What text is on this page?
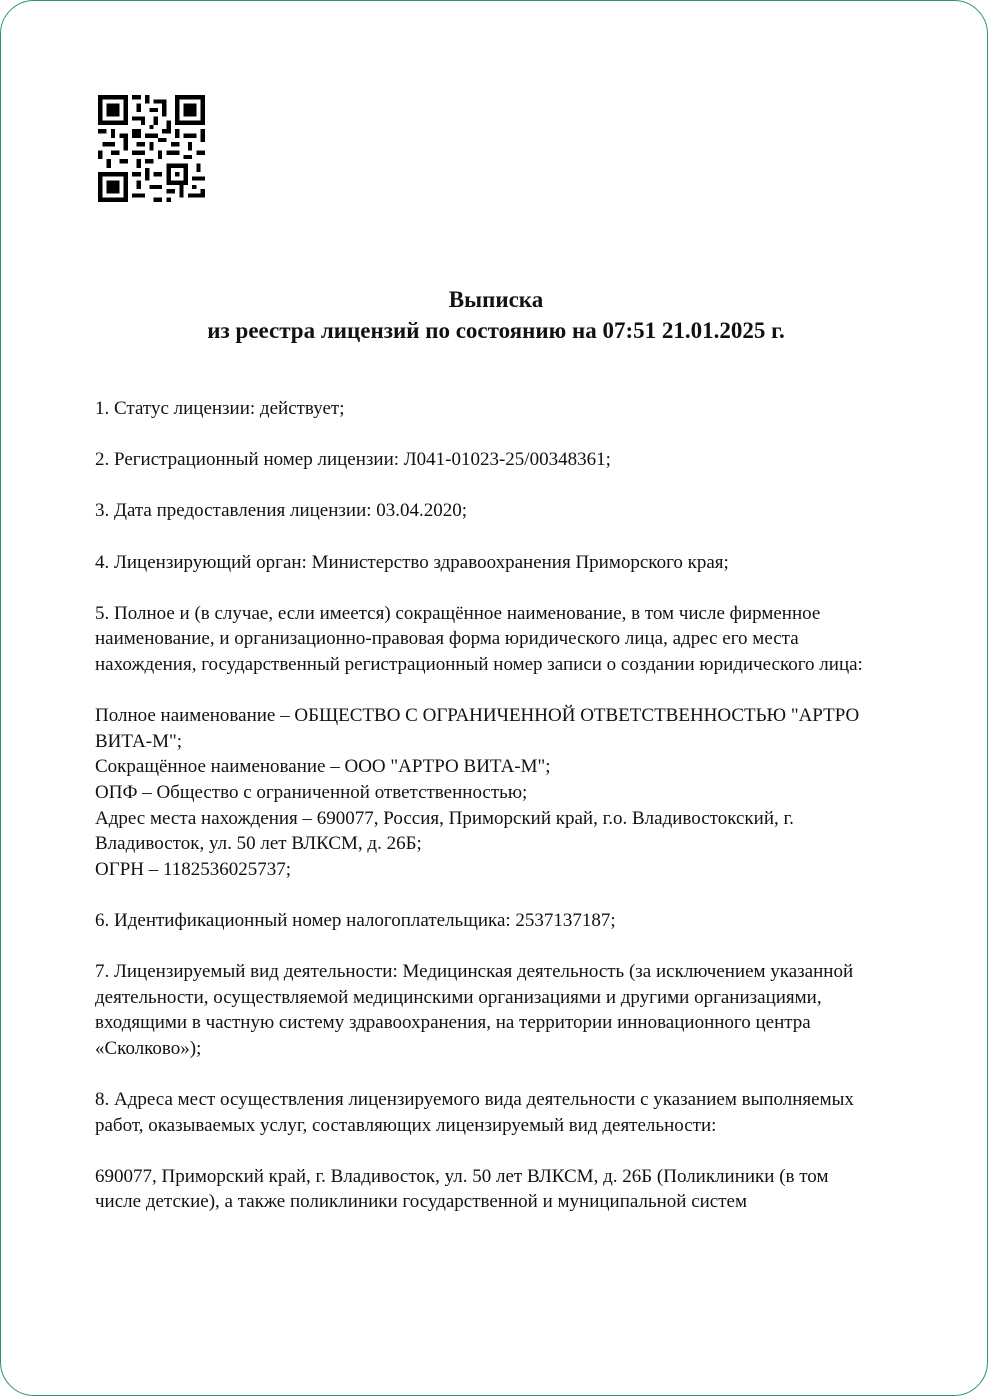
Выписка
из реестра лицензий по состоянию на 07:51 21.01.2025 г.
1. Статус лицензии: действует;
2. Регистрационный номер лицензии: Л041-01023-25/00348361;
3. Дата предоставления лицензии: 03.04.2020;
4. Лицензирующий орган: Министерство здравоохранения Приморского края;
5. Полное и (в случае, если имеется) сокращённое наименование, в том числе фирменное
наименование, и организационно-правовая форма юридического лица, адрес его места
нахождения, государственный регистрационный номер записи о создании юридического лица:
Полное наименование – ОБЩЕСТВО С ОГРАНИЧЕННОЙ ОТВЕТСТВЕННОСТЬЮ "АРТРО
ВИТА-М";
Сокращённое наименование – ООО "АРТРО ВИТА-М";
ОПФ – Общество с ограниченной ответственностью;
Адрес места нахождения – 690077, Россия, Приморский край, г.о. Владивостокский, г.
Владивосток, ул. 50 лет ВЛКСМ, д. 26Б;
ОГРН – 1182536025737;
6. Идентификационный номер налогоплательщика: 2537137187;
7. Лицензируемый вид деятельности: Медицинская деятельность (за исключением указанной
деятельности, осуществляемой медицинскими организациями и другими организациями,
входящими в частную систему здравоохранения, на территории инновационного центра
«Сколково»);
8. Адреса мест осуществления лицензируемого вида деятельности с указанием выполняемых
работ, оказываемых услуг, составляющих лицензируемый вид деятельности:
690077, Приморский край, г. Владивосток, ул. 50 лет ВЛКСМ, д. 26Б (Поликлиники (в том
числе детские), а также поликлиники государственной и муниципальной систем
